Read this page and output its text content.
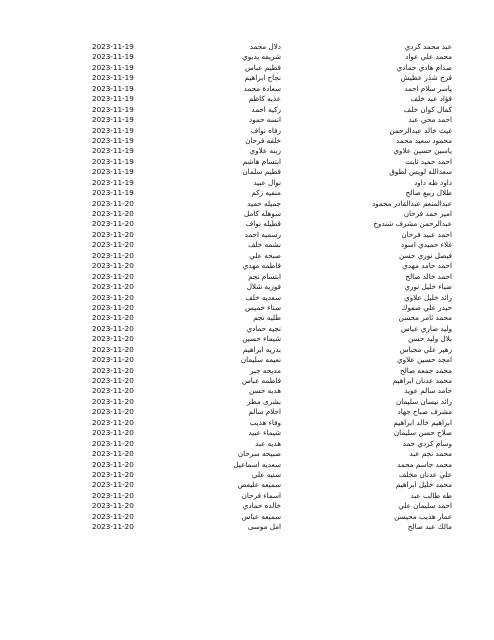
عبد محمد كردي
دلال محمد
2023-11-19
محمد علي عواد
شريفه بدبوي
2023-11-19
صدام هادي حمادي
فطيم عباس
2023-11-19
فرج شذر عطيش
نجاح ابراهيم
2023-11-19
ياسر سلام احمد
سعادة محمد
2023-11-19
فؤاد عبد خلف
عذيه كاظم
2023-11-19
كمال كوان خلف
زكيه احمد
2023-11-19
احمد محي عبد
انسه حمود
2023-11-19
غيث خالد عبدالرحمن
رفاه نواف
2023-11-19
محمود سعيد محمد
خلفه فرحان
2023-11-19
ياسين حسين علاوي
زينه علاوي
2023-11-19
احمد حميد ثابت
ابتسام هاشم
2023-11-19
سعدالله لويس لطوق
فطيم سلمان
2023-11-19
داود طه داود
نوال عبيد
2023-11-19
طلال ربيع صالح
منفيه زكم
2023-11-19
عبدالمنعم عبدالقادر محمود
جميله حميد
2023-11-20
امير حمد فرحان
سوهله كامل
2023-11-20
عبدالرحمن مشرف شندوخ
قطيله نواف
2023-11-20
احمد عبيد فرحان
رسميه احمد
2023-11-20
غلاء حميدي اسود
نشمه خلف
2023-11-20
فيصل نوري حسن
صبحه علي
2023-11-20
احمد حامد مهدي
فاطمه مهدي
2023-11-20
احمد خالد صالح
ابتسام نجم
2023-11-20
ضياء خليل نوري
فوزيه شلال
2023-11-20
رائد خليل علاوي
سعديه خلف
2023-11-20
حيدر علي صفوك
سناء خميس
2023-11-20
محمد ثامر محسن
طليه نجم
2023-11-20
وليد ضاري عباس
نجيه حمادي
2023-11-20
بلال وليد حسن
شيماء حسين
2023-11-20
زهير علي مجباس
بدريه ابراهيم
2023-11-20
امجد حسين علاوي
نعيمه سليمان
2023-11-20
محمد جمعه صالح
مديحه جبر
2023-11-20
محمد عدنان ابراهيم
فاطمه عباس
2023-11-20
حامد سالم عويد
هديه حسن
2023-11-20
رائد نيسان سليمان
بشرى مطر
2023-11-20
مشرف صباح جهاد
احلام سالم
2023-11-20
ابراهيم خالد ابراهيم
وفاء هذيب
2023-11-20
صلاح حسن سليمان
شيماء عبيد
2023-11-20
وسام كردي حمد
هديه عبد
2023-11-20
محمد نجم عبد
صبيحه سرحان
2023-11-20
محمد جاسم محمد
سعديه اسماعيل
2023-11-20
علي عدنان مخلف
سنيه علي
2023-11-20
محمد خليل ابراهيم
سميعه عليفص
2023-11-20
طه طالب عبد
اسماء فرحان
2023-11-20
احمد سليمان علي
خالده حمادي
2023-11-20
عمار هذيب محيسن
سميعه عباس
2023-11-20
مالك عبد صالح
امل موسى
2023-11-20
